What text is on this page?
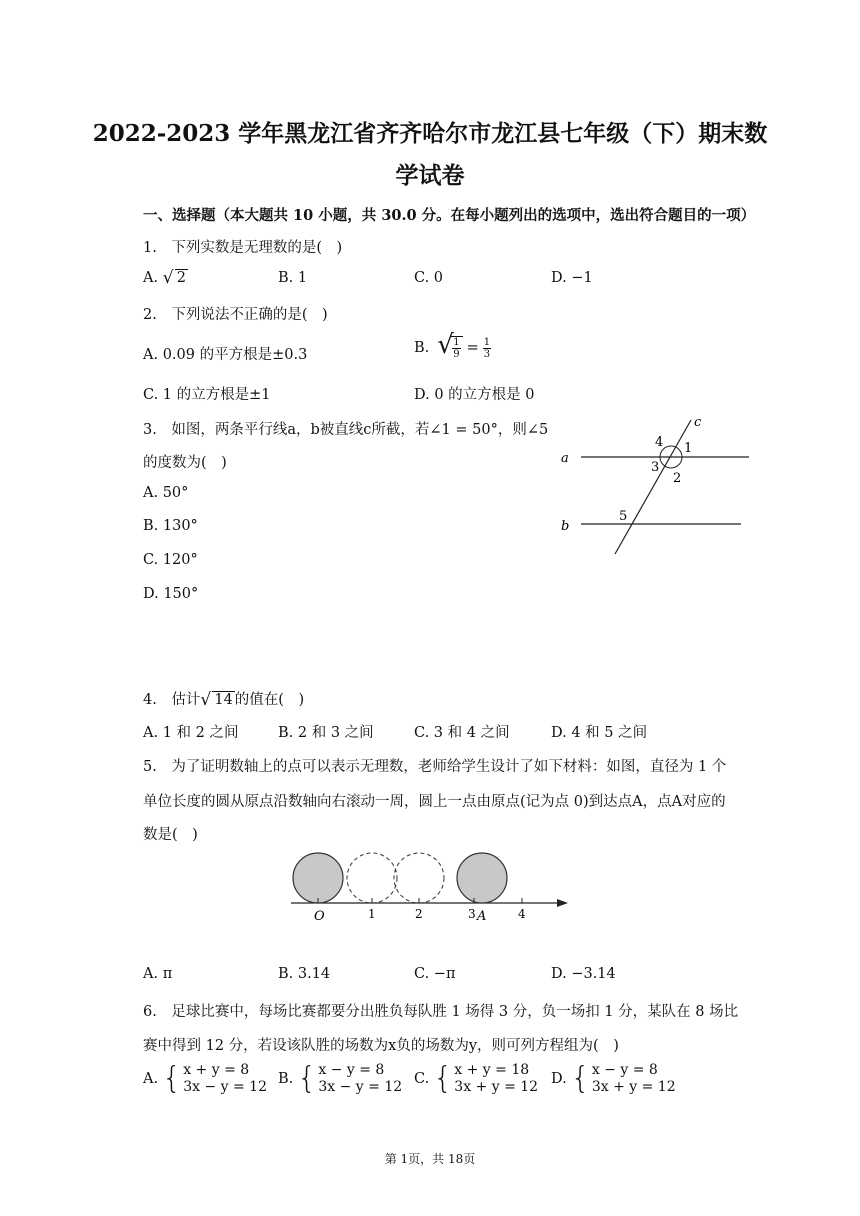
2022-2023 学年黑龙江省齐齐哈尔市龙江县七年级（下）期末数
学试卷
一、选择题（本大题共 10 小题，共 30.0 分。在每小题列出的选项中，选出符合题目的一项）
1.　下列实数是无理数的是(　)
A. √ 2	B. 1	C. 0	D. −1
2.　下列说法不正确的是(　)
A. 0.09 的平方根是±0.3	B. √
$\frac{1}{9} = \frac{1}{3}$
C. 1 的立方根是±1	D. 0 的立方根是 0
3.　如图，两条平行线a，b被直线c所截，若∠1 = 50°，则∠5
的度数为(　)
A. 50°
B. 130°
C. 120°
D. 150°
a
b
c
1
2
3
4
5
4.　估计 √ 14 的值在(　)
A. 1 和 2 之间	B. 2 和 3 之间	C. 3 和 4 之间	D. 4 和 5 之间
5.　为了证明数轴上的点可以表示无理数，老师给学生设计了如下材料：如图，直径为 1 个
单位长度的圆从原点沿数轴向右滚动一周，圆上一点由原点(记为点 0)到达点A，点A对应的
数是(　)
O	1	2	3 A	4
A. π	B. 3.14	C. −π	D. −3.14
6.　足球比赛中，每场比赛都要分出胜负每队胜 1 场得 3 分，负一场扣 1 分，某队在 8 场比
赛中得到 12 分，若设该队胜的场数为x负的场数为y，则可列方程组为(　)
A. { x + y = 8
3x − y = 12 B. { x − y = 8
3x − y = 12 C. { x + y = 18
3x + y = 12 D. { x − y = 8
3x + y = 12
第 1页，共 18页
